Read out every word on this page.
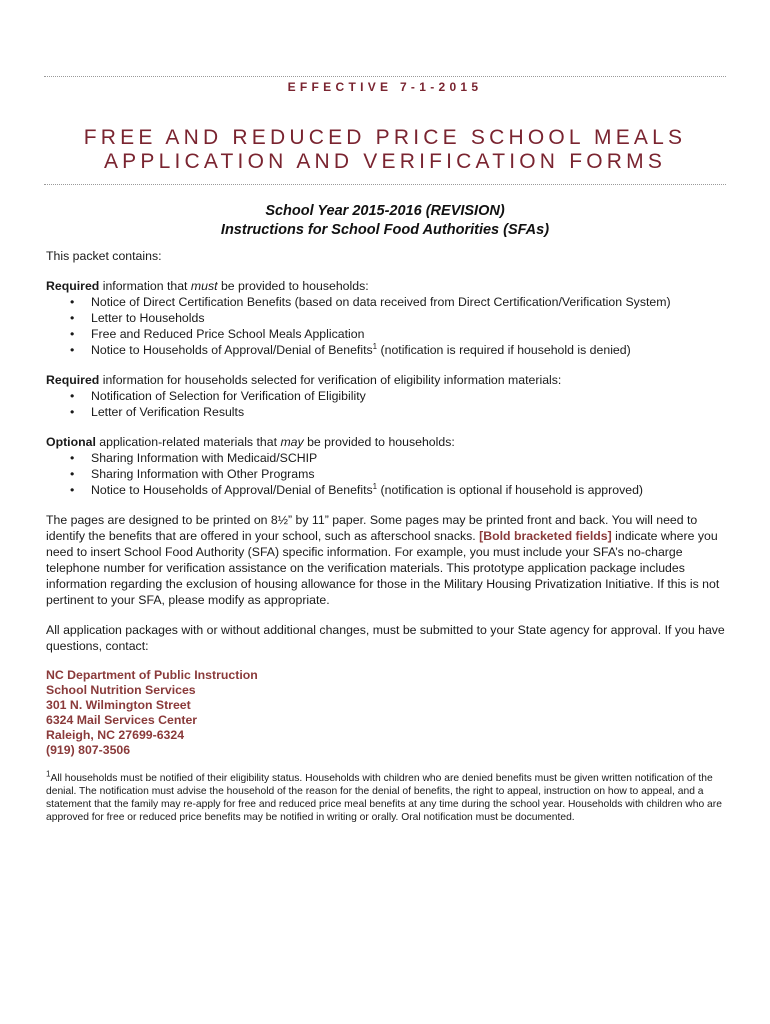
EFFECTIVE 7-1-2015
FREE AND REDUCED PRICE SCHOOL MEALS
APPLICATION AND VERIFICATION FORMS
School Year 2015-2016 (REVISION)
Instructions for School Food Authorities (SFAs)

This packet contains:

Required information that must be provided to households:

• Notice of Direct Certification Benefits (based on data received from Direct Certification/Verification System)
• Letter to Households
• Free and Reduced Price School Meals Application
• Notice to Households of Approval/Denial of Benefits$^1$ (notification is required if household is denied)

Required information for households selected for verification of eligibility information materials:

• Notification of Selection for Verification of Eligibility
• Letter of Verification Results

Optional application-related materials that may be provided to households:

• Sharing Information with Medicaid/SCHIP
• Sharing Information with Other Programs
• Notice to Households of Approval/Denial of Benefits$^1$ (notification is optional if household is approved)

The pages are designed to be printed on 8½” by 11” paper. Some pages may be printed front and back. You will need to identify the benefits that are offered in your school, such as afterschool snacks. [Bold bracketed fields] indicate where you need to insert School Food Authority (SFA) specific information. For example, you must include your SFA’s no-charge telephone number for verification assistance on the verification materials. This prototype application package includes information regarding the exclusion of housing allowance for those in the Military Housing Privatization Initiative. If this is not pertinent to your SFA, please modify as appropriate.

All application packages with or without additional changes, must be submitted to your State agency for approval. If you have questions, contact:

NC Department of Public Instruction
School Nutrition Services
301 N. Wilmington Street
6324 Mail Services Center
Raleigh, NC 27699-6324
(919) 807-3506

$^1$All households must be notified of their eligibility status. Households with children who are denied benefits must be given written notification of the denial. The notification must advise the household of the reason for the denial of benefits, the right to appeal, instruction on how to appeal, and a statement that the family may re-apply for free and reduced price meal benefits at any time during the school year. Households with children who are approved for free or reduced price benefits may be notified in writing or orally. Oral notification must be documented.
